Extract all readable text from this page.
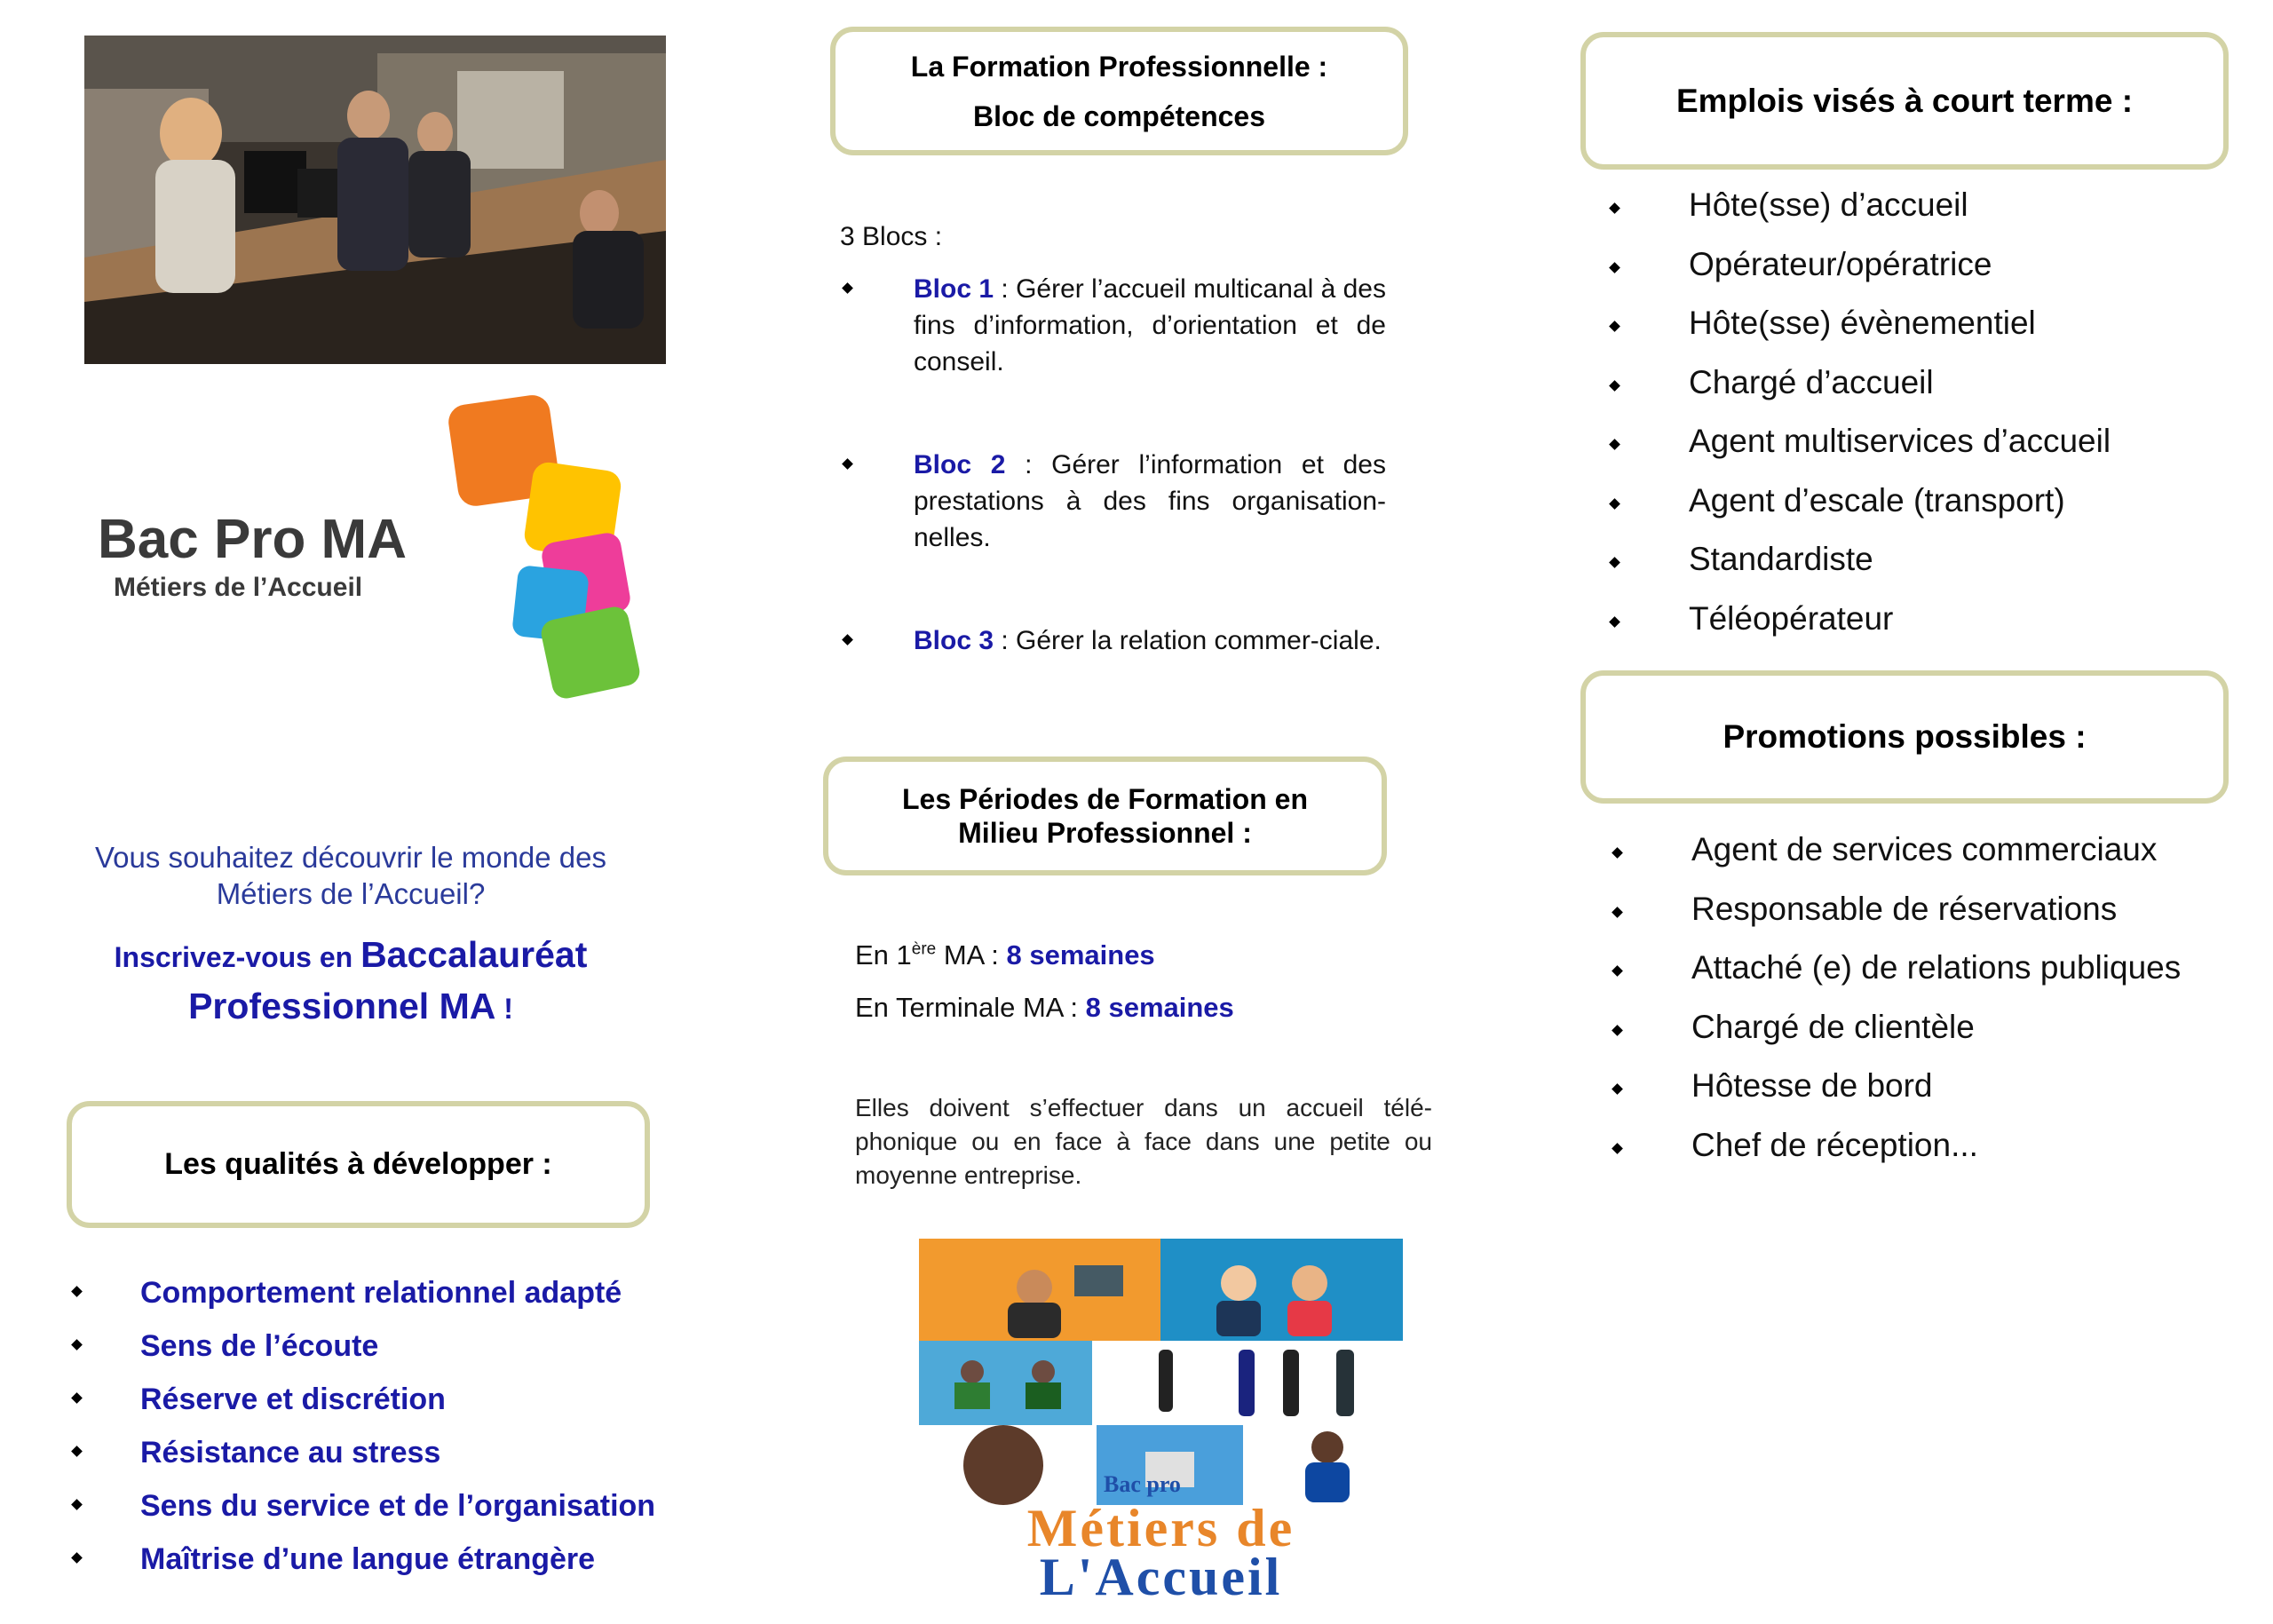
Bac Pro MA
Métiers de l’Accueil
Vous souhaitez découvrir le monde des
Métiers de l’Accueil?
Inscrivez-vous en Baccalauréat
Professionnel MA !
Les qualités à développer :
Comportement relationnel adapté
Sens de l’écoute
Réserve et discrétion
Résistance au stress
Sens du service et de l’organisation
Maîtrise d’une langue étrangère
La Formation Professionnelle :
Bloc de compétences
3 Blocs :
Bloc 1 : Gérer l’accueil multicanal à des fins d’information, d’orientation et de conseil.
Bloc 2 : Gérer l’information et des prestations à des fins organisation-nelles.
Bloc 3 : Gérer la relation commer-ciale.
Les Périodes de Formation en
Milieu Professionnel :
En 1ère MA : 8 semaines
En Terminale MA : 8 semaines
Elles doivent s’effectuer dans un accueil télé-phonique ou en face à face dans une petite ou moyenne entreprise.
Bac pro
Métiers de
L'Accueil
Emplois visés à court terme :
Hôte(sse) d’accueil
Opérateur/opératrice
Hôte(sse) évènementiel
Chargé d’accueil
Agent multiservices d’accueil
Agent d’escale (transport)
Standardiste
Téléopérateur
Promotions possibles :
Agent de services commerciaux
Responsable de réservations
Attaché (e) de relations publiques
Chargé de clientèle
Hôtesse de bord
Chef de réception...
